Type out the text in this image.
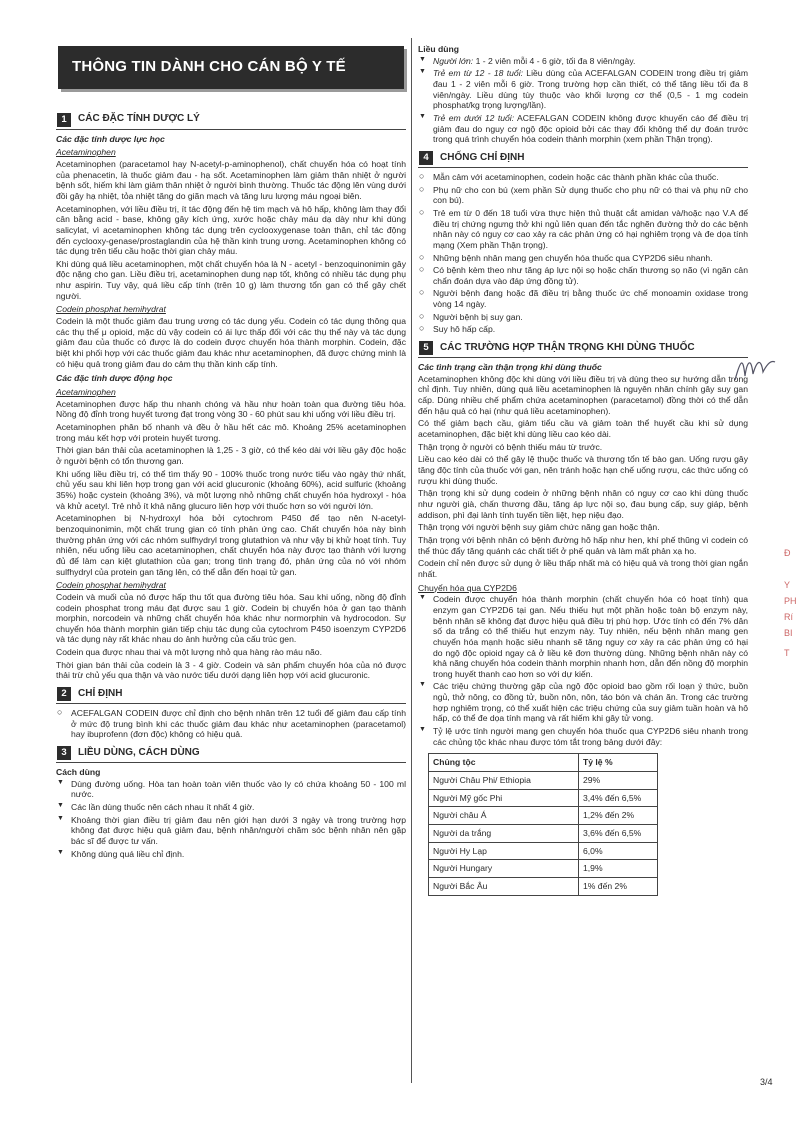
THÔNG TIN DÀNH CHO CÁN BỘ Y TẾ
1	CÁC ĐẶC TÍNH DƯỢC LÝ
Các đặc tính dược lực học
Acetaminophen

Acetaminophen (paracetamol hay N-acetyl-p-aminophenol), chất chuyển hóa có hoạt tính của phenacetin, là thuốc giảm đau - hạ sốt. Acetaminophen làm giảm thân nhiệt ở người bệnh sốt, hiếm khi làm giảm thân nhiệt ở người bình thường. Thuốc tác động lên vùng dưới đồi gây hạ nhiệt, tỏa nhiệt tăng do giãn mạch và tăng lưu lượng máu ngoại biên.

Acetaminophen, với liều điều trị, ít tác động đến hệ tim mạch và hô hấp, không làm thay đổi cân bằng acid - base, không gây kích ứng, xước hoặc chảy máu dạ dày như khi dùng salicylat, vì acetaminophen không tác dụng trên cyclooxygenase toàn thân, chỉ tác động đến cyclooxy-genase/prostaglandin của hệ thần kinh trung ương. Acetaminophen không có tác dụng trên tiểu cầu hoặc thời gian chảy máu.

Khi dùng quá liều acetaminophen, một chất chuyển hóa là N - acetyl - benzoquinonimin gây độc nặng cho gan. Liều điều trị, acetaminophen dung nạp tốt, không có nhiều tác dụng phụ như aspirin. Tuy vậy, quá liều cấp tính (trên 10 g) làm thương tổn gan có thể gây chết người.

Codein phosphat hemihydrat

Codein là một thuốc giảm đau trung ương có tác dụng yếu. Codein có tác dụng thông qua các thụ thể μ opioid, mặc dù vậy codein có ái lực thấp đối với các thụ thể này và tác dụng giảm đau của thuốc có được là do codein được chuyển hóa thành morphin. Codein, đặc biệt khi phối hợp với các thuốc giảm đau khác như acetaminophen, đã được chứng minh là có hiệu quả trong giảm đau do cảm thụ thần kinh cấp tính.

Các đặc tính dược động học
Acetaminophen

Acetaminophen được hấp thu nhanh chóng và hầu như hoàn toàn qua đường tiêu hóa. Nồng độ đỉnh trong huyết tương đạt trong vòng 30 - 60 phút sau khi uống với liều điều trị.

Acetaminophen phân bố nhanh và đều ở hầu hết các mô. Khoảng 25% acetaminophen trong máu kết hợp với protein huyết tương.

Thời gian bán thải của acetaminophen là 1,25 - 3 giờ, có thể kéo dài với liều gây độc hoặc ở người bệnh có tổn thương gan.

Khi uống liều điều trị, có thể tìm thấy 90 - 100% thuốc trong nước tiểu vào ngày thứ nhất, chủ yếu sau khi liên hợp trong gan với acid glucuronic (khoảng 60%), acid sulfuric (khoảng 35%) hoặc cystein (khoảng 3%), và một lượng nhỏ những chất chuyển hóa hydroxyl - hóa và khử acetyl. Trẻ nhỏ ít khả năng glucuro liên hợp với thuốc hơn so với người lớn.

Acetaminophen bị N-hydroxyl hóa bởi cytochrom P450 để tạo nên N-acetyl-benzoquinonimin, một chất trung gian có tính phản ứng cao. Chất chuyển hóa này bình thường phản ứng với các nhóm sulfhydryl trong glutathion và như vậy bị khử hoạt tính. Tuy nhiên, nếu uống liều cao acetaminophen, chất chuyển hóa này được tạo thành với lượng đủ để làm cạn kiệt glutathion của gan; trong tình trạng đó, phản ứng của nó với nhóm sulfhydryl của protein gan tăng lên, có thể dẫn đến hoại tử gan.

Codein phosphat hemihydrat

Codein và muối của nó được hấp thu tốt qua đường tiêu hóa. Sau khi uống, nồng độ đỉnh codein phosphat trong máu đạt được sau 1 giờ. Codein bị chuyển hóa ở gan tạo thành morphin, norcodein và những chất chuyển hóa khác như normorphin và hydrocodon. Sự chuyển hóa thành morphin gián tiếp chịu tác dụng của cytochrom P450 isoenzym CYP2D6 và tác dụng này rất khác nhau do ảnh hưởng của cấu trúc gen.

Codein qua được nhau thai và một lượng nhỏ qua hàng rào máu não.

Thời gian bán thải của codein là 3 - 4 giờ. Codein và sản phẩm chuyển hóa của nó được thải trừ chủ yếu qua thận và vào nước tiểu dưới dạng liên hợp với acid glucuronic.

2	CHỈ ĐỊNH
○ ACEFALGAN CODEIN được chỉ định cho bệnh nhân trên 12 tuổi để giảm đau cấp tính ở mức độ trung bình khi các thuốc giảm đau khác như acetaminophen (paracetamol) hay ibuprofenn (đơn độc) không có hiệu quả.
3	LIỀU DÙNG, CÁCH DÙNG
Cách dùng
▼ Dùng đường uống. Hòa tan hoàn toàn viên thuốc vào ly có chứa khoảng 50 - 100 ml nước.
▼ Các lần dùng thuốc nên cách nhau ít nhất 4 giờ.
▼ Khoảng thời gian điều trị giảm đau nên giới hạn dưới 3 ngày và trong trường hợp không đạt được hiệu quả giảm đau, bệnh nhân/người chăm sóc bệnh nhân nên gặp bác sĩ để được tư vấn.
▼ Không dùng quá liều chỉ định.
Liều dùng
▼ Người lớn: 1 - 2 viên mỗi 4 - 6 giờ, tối đa 8 viên/ngày.
▼ Trẻ em từ 12 - 18 tuổi: Liều dùng của ACEFALGAN CODEIN trong điều trị giảm đau 1 - 2 viên mỗi 6 giờ. Trong trường hợp cần thiết, có thể tăng liều tối đa 8 viên/ngày. Liều dùng tùy thuộc vào khối lượng cơ thể (0,5 - 1 mg codein phosphat/kg trọng lượng/lần).
▼ Trẻ em dưới 12 tuổi: ACEFALGAN CODEIN không được khuyến cáo để điều trị giảm đau do nguy cơ ngộ độc opioid bởi các thay đổi không thể dự đoán trước trong quá trình chuyển hóa codein thành morphin (xem phần Thận trọng).
4	CHỐNG CHỈ ĐỊNH
○ Mẫn cảm với acetaminophen, codein hoặc các thành phần khác của thuốc.
○ Phụ nữ cho con bú (xem phần Sử dụng thuốc cho phụ nữ có thai và phụ nữ cho con bú).
○ Trẻ em từ 0 đến 18 tuổi vừa thực hiện thủ thuật cắt amidan và/hoặc nạo V.A để điều trị chứng ngưng thở khi ngủ liên quan đến tắc nghẽn đường thở do các bệnh nhân này có nguy cơ cao xảy ra các phản ứng có hại nghiêm trọng và đe dọa tính mạng (Xem phần Thận trọng).
○ Những bệnh nhân mang gen chuyển hóa thuốc qua CYP2D6 siêu nhanh.
○ Có bệnh kèm theo như tăng áp lực nội sọ hoặc chấn thương sọ não (vì ngăn cản chẩn đoán dựa vào đáp ứng đồng tử).
○ Người bệnh đang hoặc đã điều trị bằng thuốc ức chế monoamin oxidase trong vòng 14 ngày.
○ Người bệnh bị suy gan.
○ Suy hô hấp cấp.
5	CÁC TRƯỜNG HỢP THẬN TRỌNG KHI DÙNG THUỐC
Các tình trạng cần thận trọng khi dùng thuốc

Acetaminophen không độc khi dùng với liều điều trị và dùng theo sự hướng dẫn trong chỉ định. Tuy nhiên, dùng quá liều acetaminophen là nguyên nhân chính gây suy gan cấp. Dùng nhiều chế phẩm chứa acetaminophen (paracetamol) đồng thời có thể dẫn đến hậu quả có hại (như quá liều acetaminophen).

Có thể giảm bạch cầu, giảm tiểu cầu và giảm toàn thể huyết cầu khi sử dụng acetaminophen, đặc biệt khi dùng liều cao kéo dài.

Thận trọng ở người có bệnh thiếu máu từ trước.

Liều cao kéo dài có thể gây lệ thuộc thuốc và thương tổn tế bào gan. Uống rượu gây tăng độc tính của thuốc với gan, nên tránh hoặc hạn chế uống rượu, các thức uống có rượu khi dùng thuốc.

Thận trọng khi sử dụng codein ở những bệnh nhân có nguy cơ cao khi dùng thuốc như người già, chấn thương đầu, tăng áp lực nội sọ, đau bụng cấp, suy giáp, bệnh addison, phì đại lành tính tuyến tiền liệt, hẹp niệu đạo.

Thận trọng với người bệnh suy giảm chức năng gan hoặc thận.

Thận trọng với bệnh nhân có bệnh đường hô hấp như hen, khí phế thũng vì codein có thể thúc đẩy tăng quánh các chất tiết ở phế quản và làm mất phản xạ ho.

Codein chỉ nên được sử dụng ở liều thấp nhất mà có hiệu quả và trong thời gian ngắn nhất.

Chuyển hóa qua CYP2D6
▼ Codein được chuyển hóa thành morphin (chất chuyển hóa có hoạt tính) qua enzym gan CYP2D6 tại gan. Nếu thiếu hụt một phần hoặc toàn bộ enzym này, bệnh nhân sẽ không đạt được hiệu quả điều trị phù hợp. Ước tính có đến 7% dân số da trắng có thể thiếu hụt enzym này. Tuy nhiên, nếu bệnh nhân mang gen chuyển hóa mạnh hoặc siêu nhanh sẽ tăng nguy cơ xảy ra các phản ứng có hại do ngộ độc opioid ngay cả ở liều kê đơn thường dùng. Những bệnh nhân này có khả năng chuyển hóa codein thành morphin nhanh hơn, dẫn đến nồng độ morphin trong huyết thanh cao hơn so với dự kiến.
▼ Các triệu chứng thường gặp của ngộ độc opioid bao gồm rối loạn ý thức, buồn ngủ, thở nông, co đồng tử, buồn nôn, nôn, táo bón và chán ăn. Trong các trường hợp nghiêm trọng, có thể xuất hiện các triệu chứng của suy giảm tuần hoàn và hô hấp, có thể đe dọa tính mạng và rất hiếm khi gây tử vong.
▼ Tỷ lệ ước tính người mang gen chuyển hóa thuốc qua CYP2D6 siêu nhanh trong các chủng tộc khác nhau được tóm tắt trong bảng dưới đây:
Chủng tộc	Tỷ lệ %
Người Châu Phi/ Ethiopia	29%
Người Mỹ gốc Phi	3,4% đến 6,5%
Người châu Á	1,2% đến 2%
Người da trắng	3,6% đến 6,5%
Người Hy Lạp	6,0%
Người Hungary	1,9%
Người Bắc Âu	1% đến 2%
Đ
Y
PH
Rí
BI
T
3/4
